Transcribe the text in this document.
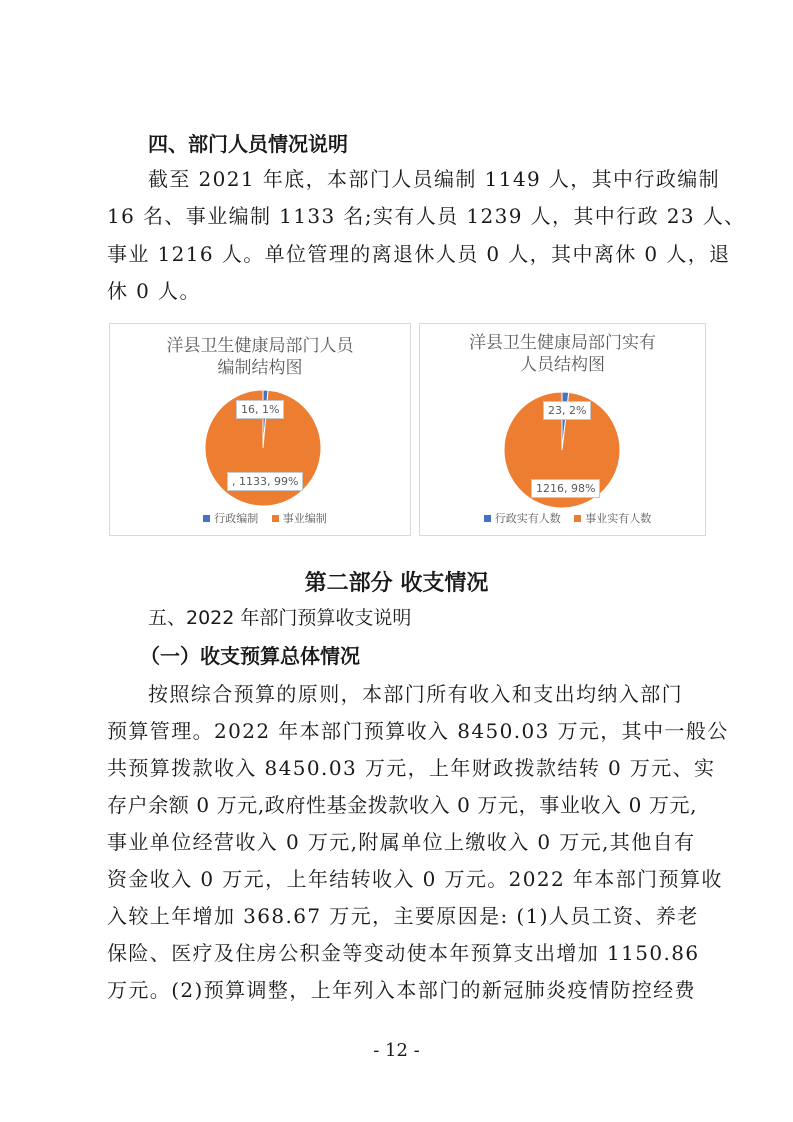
四、部门人员情况说明
截至 2021 年底，本部门人员编制 1149 人，其中行政编制
16 名、事业编制 1133 名;实有人员 1239 人，其中行政 23 人、
事业 1216 人。单位管理的离退休人员 0 人，其中离休 0 人，退
休 0 人。
洋县卫生健康局部门人员
编制结构图
16, 1%
, 1133, 99%
行政编制 事业编制
洋县卫生健康局部门实有
人员结构图
23, 2%
1216, 98%
行政实有人数 事业实有人数
第二部分 收支情况
五、2022 年部门预算收支说明
（一）收支预算总体情况
按照综合预算的原则，本部门所有收入和支出均纳入部门
预算管理。2022 年本部门预算收入 8450.03 万元，其中一般公
共预算拨款收入 8450.03 万元，上年财政拨款结转 0 万元、实
存户余额 0 万元,政府性基金拨款收入 0 万元，事业收入 0 万元,
事业单位经营收入 0 万元,附属单位上缴收入 0 万元,其他自有
资金收入 0 万元，上年结转收入 0 万元。2022 年本部门预算收
入较上年增加 368.67 万元，主要原因是: (1)人员工资、养老
保险、医疗及住房公积金等变动使本年预算支出增加 1150.86
万元。(2)预算调整，上年列入本部门的新冠肺炎疫情防控经费
- 12 -
